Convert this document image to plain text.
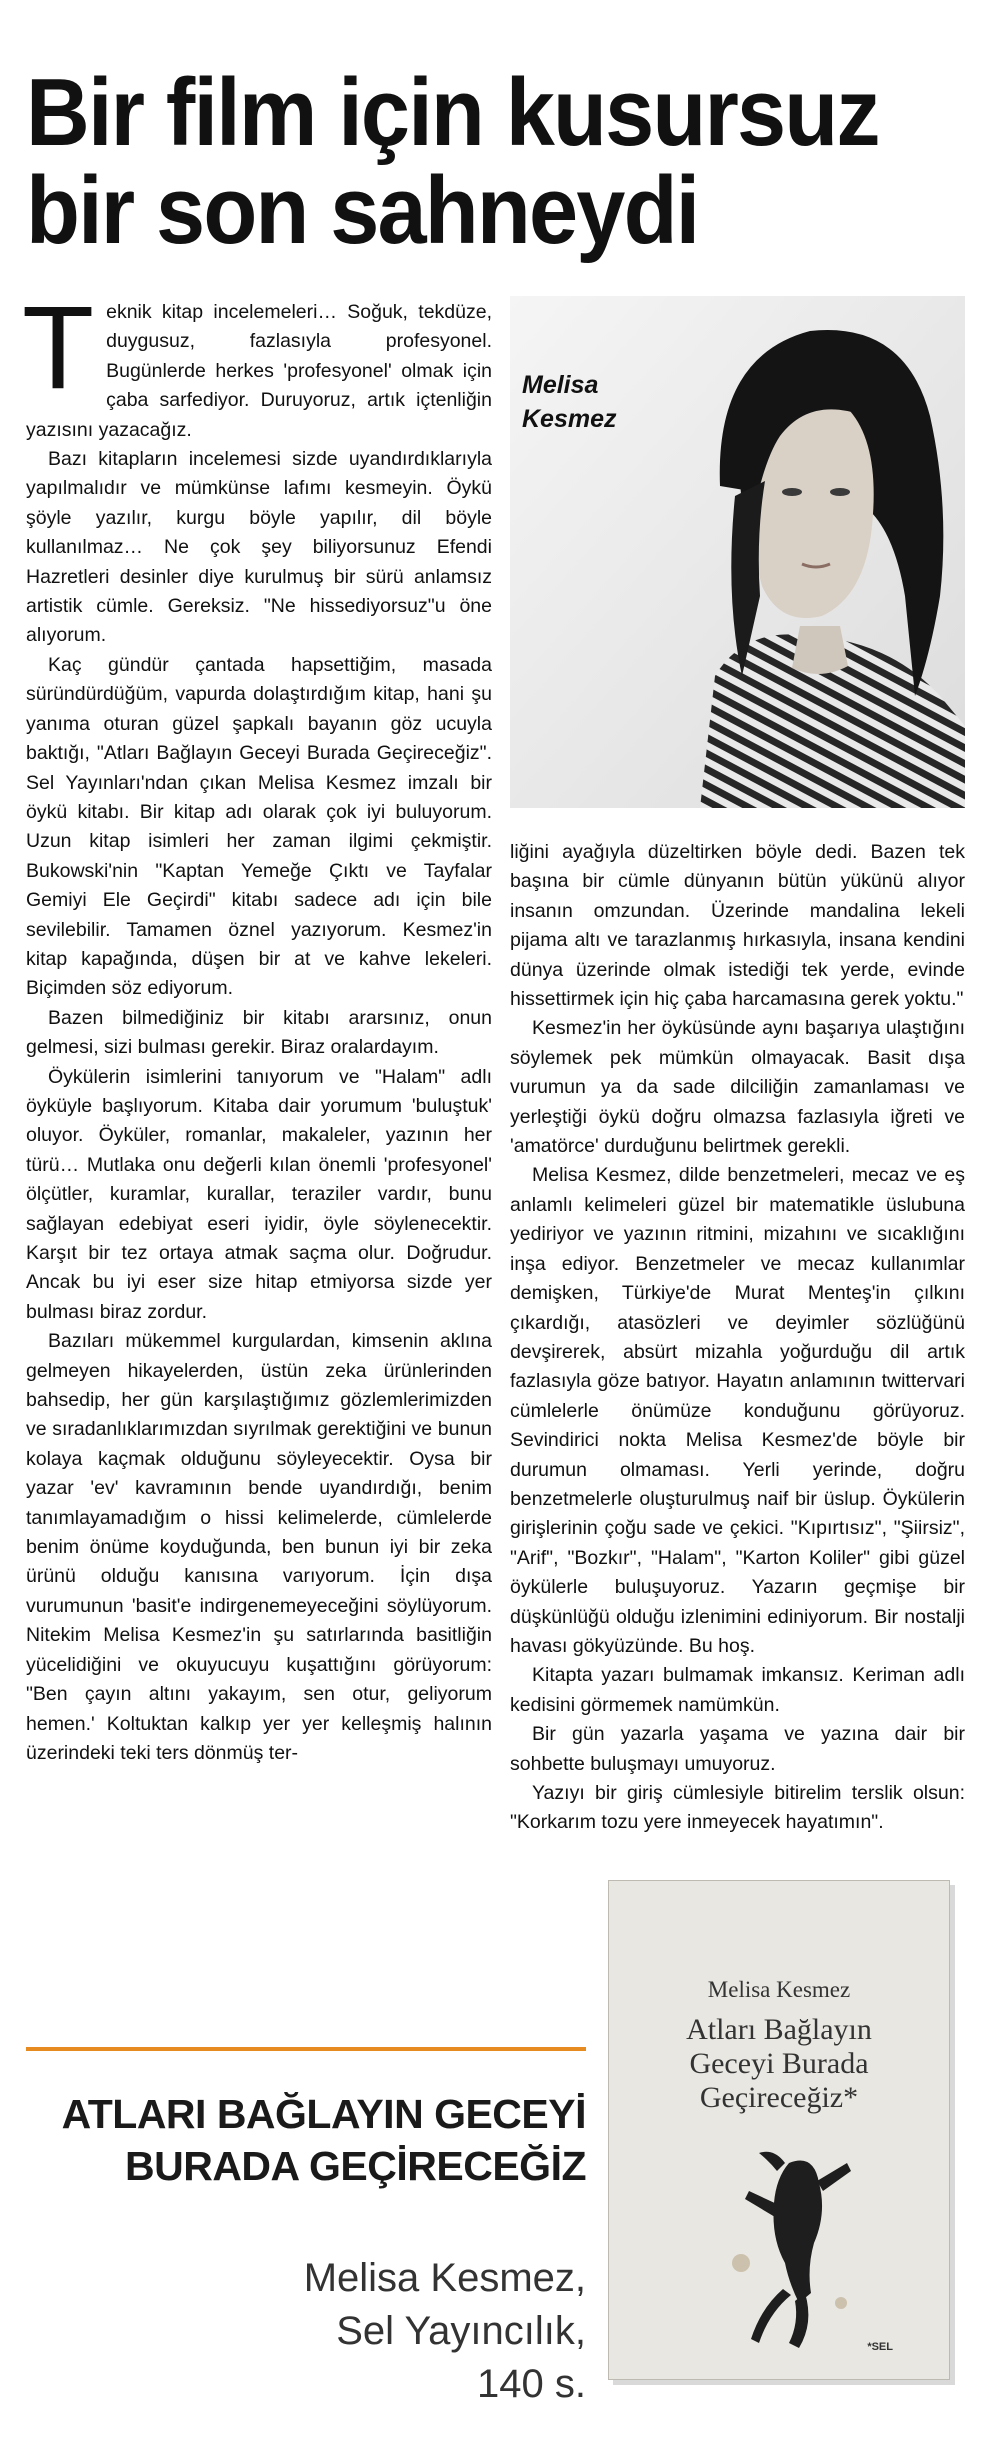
Bir film için kusursuz
bir son sahneydi

Teknik kitap incelemeleri… Soğuk, tekdüze, duygusuz, fazlasıyla profesyonel. Bugünlerde herkes 'profesyonel' olmak için çaba sarfediyor. Duruyoruz, artık içtenliğin yazısını yazacağız.

Bazı kitapların incelemesi sizde uyandırdıklarıyla yapılmalıdır ve mümkünse lafımı kesmeyin. Öykü şöyle yazılır, kurgu böyle yapılır, dil böyle kullanılmaz… Ne çok şey biliyorsunuz Efendi Hazretleri desinler diye kurulmuş bir sürü anlamsız artistik cümle. Gereksiz. "Ne hissediyorsuz"u öne alıyorum.

Kaç gündür çantada hapsettiğim, masada süründürdüğüm, vapurda dolaştırdığım kitap, hani şu yanıma oturan güzel şapkalı bayanın göz ucuyla baktığı, "Atları Bağlayın Geceyi Burada Geçireceğiz". Sel Yayınları'ndan çıkan Melisa Kesmez imzalı bir öykü kitabı. Bir kitap adı olarak çok iyi buluyorum. Uzun kitap isimleri her zaman ilgimi çekmiştir. Bukowski'nin "Kaptan Yemeğe Çıktı ve Tayfalar Gemiyi Ele Geçirdi" kitabı sadece adı için bile sevilebilir. Tamamen öznel yazıyorum. Kesmez'in kitap kapağında, düşen bir at ve kahve lekeleri. Biçimden söz ediyorum.

Bazen bilmediğiniz bir kitabı ararsınız, onun gelmesi, sizi bulması gerekir. Biraz oralardayım.

Öykülerin isimlerini tanıyorum ve "Halam" adlı öyküyle başlıyorum. Kitaba dair yorumum 'buluştuk' oluyor. Öyküler, romanlar, makaleler, yazının her türü… Mutlaka onu değerli kılan önemli 'profesyonel' ölçütler, kuramlar, kurallar, teraziler vardır, bunu sağlayan edebiyat eseri iyidir, öyle söylenecektir. Karşıt bir tez ortaya atmak saçma olur. Doğrudur. Ancak bu iyi eser size hitap etmiyorsa sizde yer bulması biraz zordur.

Bazıları mükemmel kurgulardan, kimsenin aklına gelmeyen hikayelerden, üstün zeka ürünlerinden bahsedip, her gün karşılaştığımız gözlemlerimizden ve sıradanlıklarımızdan sıyrılmak gerektiğini ve bunun kolaya kaçmak olduğunu söyleyecektir. Oysa bir yazar 'ev' kavramının bende uyandırdığı, benim tanımlayamadığım o hissi kelimelerde, cümlelerde benim önüme koyduğunda, ben bunun iyi bir zeka ürünü olduğu kanısına varıyorum. İçin dışa vurumunun 'basit'e indirgenemeyeceğini söylüyorum. Nitekim Melisa Kesmez'in şu satırlarında basitliğin yücelidiğini ve okuyucuyu kuşattığını görüyorum: "Ben çayın altını yakayım, sen otur, geliyorum hemen.' Koltuktan kalkıp yer yer kelleşmiş halının üzerindeki teki ters dönmüş ter-

Melisa
Kesmez

liğini ayağıyla düzeltirken böyle dedi. Bazen tek başına bir cümle dünyanın bütün yükünü alıyor insanın omzundan. Üzerinde mandalina lekeli pijama altı ve tarazlanmış hırkasıyla, insana kendini dünya üzerinde olmak istediği tek yerde, evinde hissettirmek için hiç çaba harcamasına gerek yoktu."

Kesmez'in her öyküsünde aynı başarıya ulaştığını söylemek pek mümkün olmayacak. Basit dışa vurumun ya da sade dilciliğin zamanlaması ve yerleştiği öykü doğru olmazsa fazlasıyla iğreti ve 'amatörce' durduğunu belirtmek gerekli.

Melisa Kesmez, dilde benzetmeleri, mecaz ve eş anlamlı kelimeleri güzel bir matematikle üslubuna yediriyor ve yazının ritmini, mizahını ve sıcaklığını inşa ediyor. Benzetmeler ve mecaz kullanımlar demişken, Türkiye'de Murat Menteş'in çılkını çıkardığı, atasözleri ve deyimler sözlüğünü devşirerek, absürt mizahla yoğurduğu dil artık fazlasıyla göze batıyor. Hayatın anlamının twittervari cümlelerle önümüze konduğunu görüyoruz. Sevindirici nokta Melisa Kesmez'de böyle bir durumun olmaması. Yerli yerinde, doğru benzetmelerle oluşturulmuş naif bir üslup. Öykülerin girişlerinin çoğu sade ve çekici. "Kıpırtısız", "Şiirsiz", "Arif", "Bozkır", "Halam", "Karton Koliler" gibi güzel öykülerle buluşuyoruz. Yazarın geçmişe bir düşkünlüğü olduğu izlenimini ediniyorum. Bir nostalji havası gökyüzünde. Bu hoş.

Kitapta yazarı bulmamak imkansız. Keriman adlı kedisini görmemek namümkün.

Bir gün yazarla yaşama ve yazına dair bir sohbette buluşmayı umuyoruz.

Yazıyı bir giriş cümlesiyle bitirelim terslik olsun: "Korkarım tozu yere inmeyecek hayatımın".

ATLARI BAĞLAYIN GECEYİ
BURADA GEÇİRECEĞİZ
Melisa Kesmez,
Sel Yayıncılık,
140 s.
Melisa Kesmez
Atları Bağlayın
Geceyi Burada
Geçireceğiz*
*SEL
